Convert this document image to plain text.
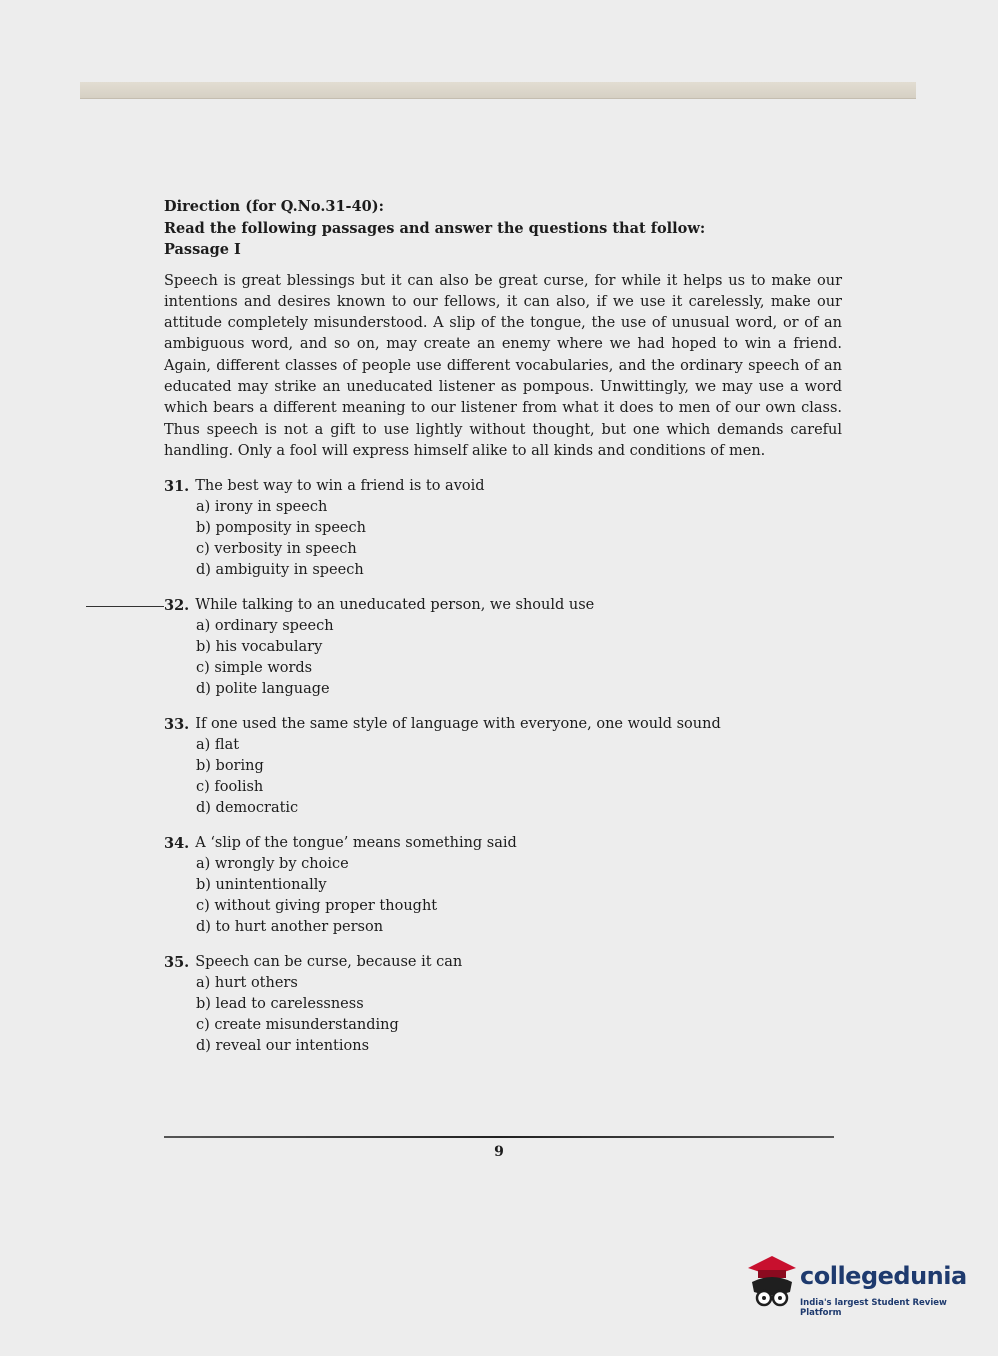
Direction (for Q.No.31-40):
Read the following passages and answer the questions that follow:
Passage I
Speech is great blessings but it can also be great curse, for while it helps us to make our intentions and desires known to our fellows, it can also, if we use it carelessly, make our attitude completely misunderstood. A slip of the tongue, the use of unusual word, or of an ambiguous word, and so on, may create an enemy where we had hoped to win a friend. Again, different classes of people use different vocabularies, and the ordinary speech of an educated may strike an uneducated listener as pompous. Unwittingly, we may use a word which bears a different meaning to our listener from what it does to men of our own class. Thus speech is not a gift to use lightly without thought, but one which demands careful handling. Only a fool will express himself alike to all kinds and conditions of men.
31. The best way to win a friend is to avoid
a) irony in speech
b) pomposity in speech
c) verbosity in speech
d) ambiguity in speech
32. While talking to an uneducated person, we should use
a) ordinary speech
b) his vocabulary
c) simple words
d) polite language
33. If one used the same style of language with everyone, one would sound
a) flat
b) boring
c) foolish
d) democratic
34. A ‘slip of the tongue’ means something said
a) wrongly by choice
b) unintentionally
c) without giving proper thought
d) to hurt another person
35. Speech can be curse, because it can
a) hurt others
b) lead to carelessness
c) create misunderstanding
d) reveal our intentions
9
collegedunia
India's largest Student Review Platform
